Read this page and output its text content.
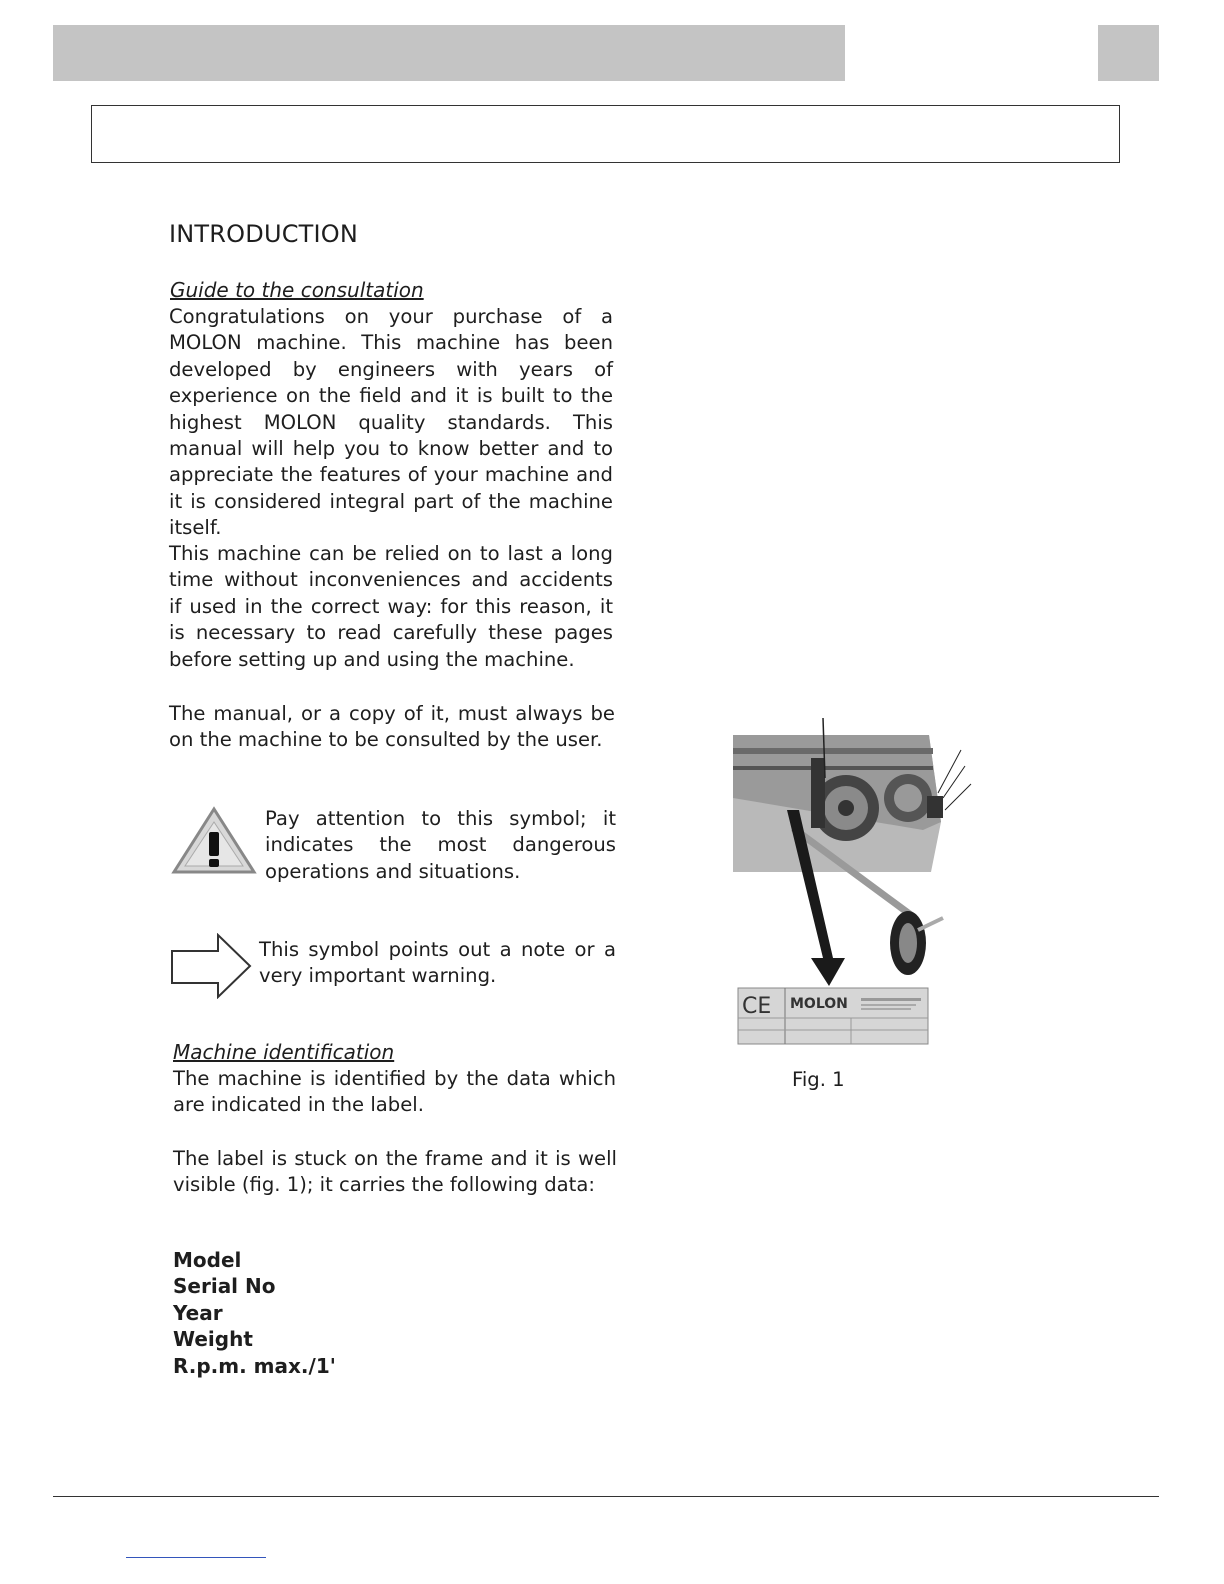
INTRODUCTION
Guide to the consultation

Congratulations on your purchase of a MOLON machine. This machine has been developed by engineers with years of experience on the field and it is built to the highest MOLON quality standards. This manual will help you to know better and to appreciate the features of your machine and it is considered integral part of the machine itself.

This machine can be relied on to last a long time without inconveniences and accidents if used in the correct way: for this reason, it is necessary to read carefully these pages before setting up and using the machine.

The manual, or a copy of it, must always be on the machine to be consulted by the user.

Pay attention to this symbol; it indicates the most dangerous operations and situations.

This symbol points out a note or a very important warning.

Machine identification

The machine is identified by the data which are indicated in the label.

The label is stuck on the frame and it is well visible (fig. 1); it carries the following data:

Model
Serial No
Year
Weight
R.p.m. max./1'
CE MOLON
Fig. 1
